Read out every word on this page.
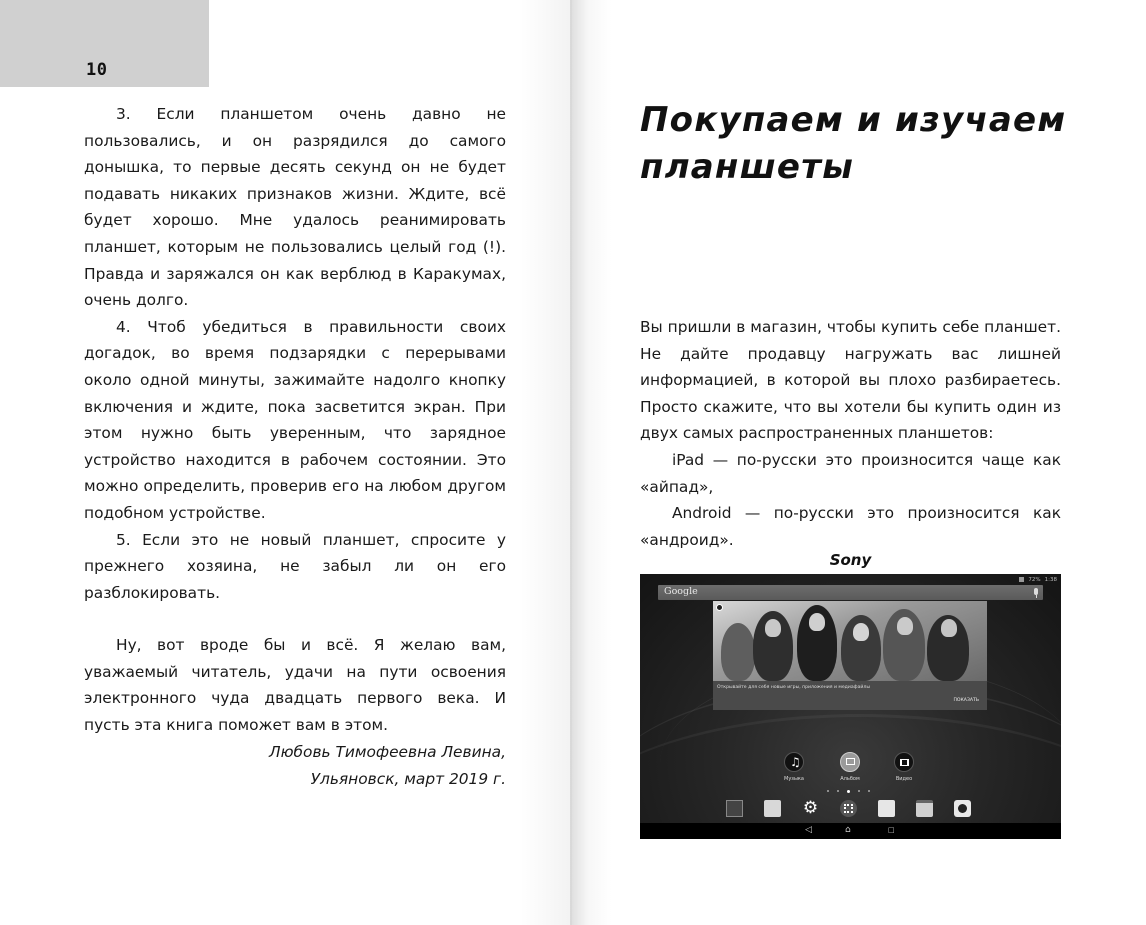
10

3. Если планшетом очень давно не пользовались, и он разрядился до самого донышка, то первые десять секунд он не будет подавать никаких признаков жизни. Ждите, всё будет хорошо. Мне удалось реанимировать планшет, которым не пользовались целый год (!). Правда и заряжался он как верблюд в Каракумах, очень долго.

4. Чтоб убедиться в правильности своих догадок, во время подзарядки с перерывами около одной минуты, зажимайте надолго кнопку включения и ждите, пока засветится экран. При этом нужно быть уверенным, что зарядное устройство находится в рабочем состоянии. Это можно определить, проверив его на любом другом подобном устройстве.

5. Если это не новый планшет, спросите у прежнего хозяина, не забыл ли он его разблокировать.

Ну, вот вроде бы и всё. Я желаю вам, уважаемый читатель, удачи на пути освоения электронного чуда двадцать первого века. И пусть эта книга поможет вам в этом.

Любовь Тимофеевна Левина,
Ульяновск, март 2019 г.
Покупаем и изучаем планшеты

Вы пришли в магазин, чтобы купить себе планшет. Не дайте продавцу нагружать вас лишней информацией, в которой вы плохо разбираетесь. Просто скажите, что вы хотели бы купить один из двух самых распространенных планшетов:

iPad — по-русски это произносится чаще как «айпад»,

Android — по-русски это произносится как «андроид».

Sony
72% 1:38
Google
Открывайте для себя новые игры, приложения и медиафайлы
ПОКАЗАТЬ
♫
Музыка	Альбом	Видео
⚙
◁	⌂	□
